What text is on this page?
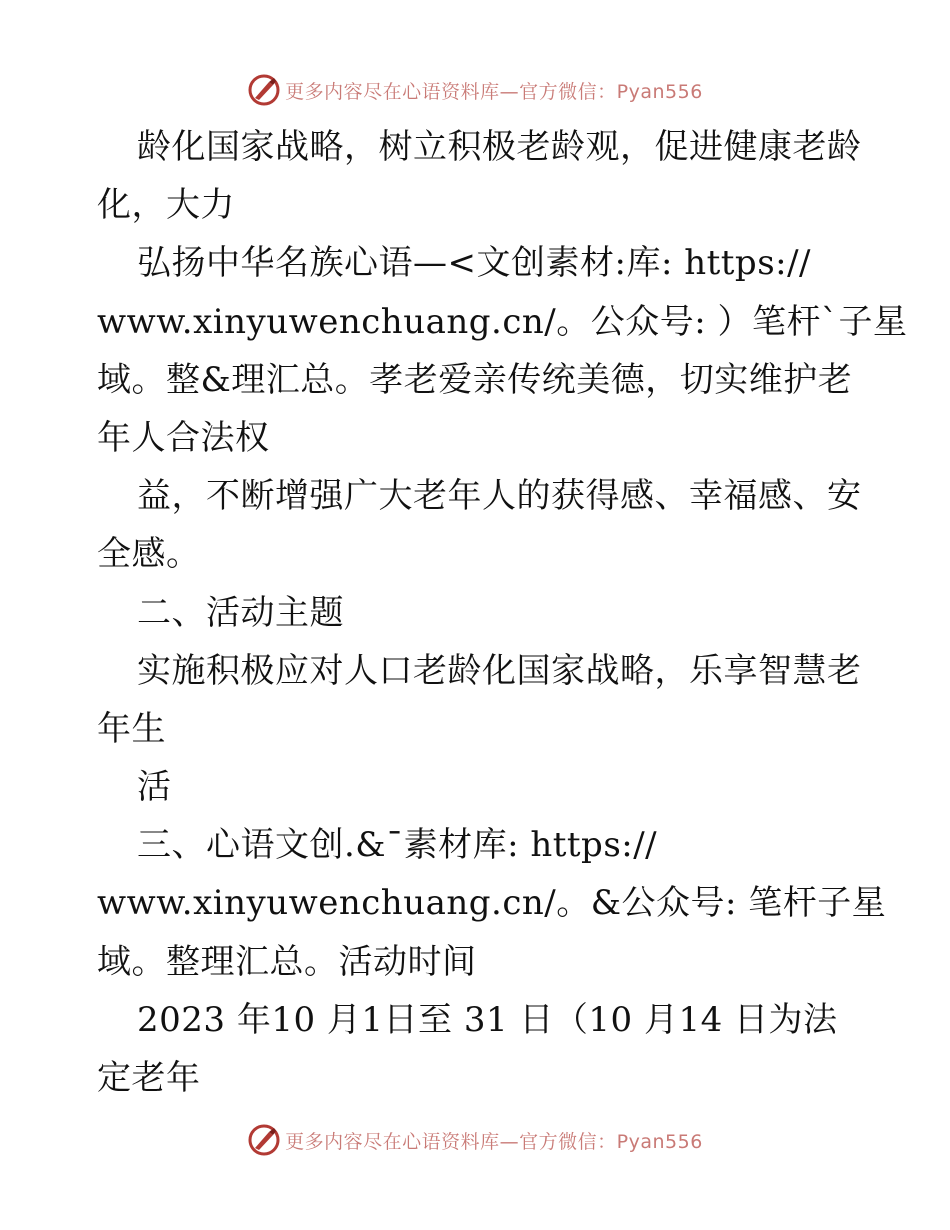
更多内容尽在心语资料库—官方微信：Pyan556
龄化国家战略，树立积极老龄观，促进健康老龄
化，大力
弘扬中华名族心语—<文创素材:库: https://
www.xinyuwenchuang.cn/。公众号: ）笔杆`子星
域。整&理汇总。孝老爱亲传统美德，切实维护老
年人合法权
益，不断增强广大老年人的获得感、幸福感、安
全感。
二、活动主题
实施积极应对人口老龄化国家战略，乐享智慧老
年生
活
三、心语文创.&¯素材库: https://
www.xinyuwenchuang.cn/。&公众号: 笔杆子星
域。整理汇总。活动时间
2023 年10 月1日至 31 日（10 月14 日为法
定老年
更多内容尽在心语资料库—官方微信：Pyan556
